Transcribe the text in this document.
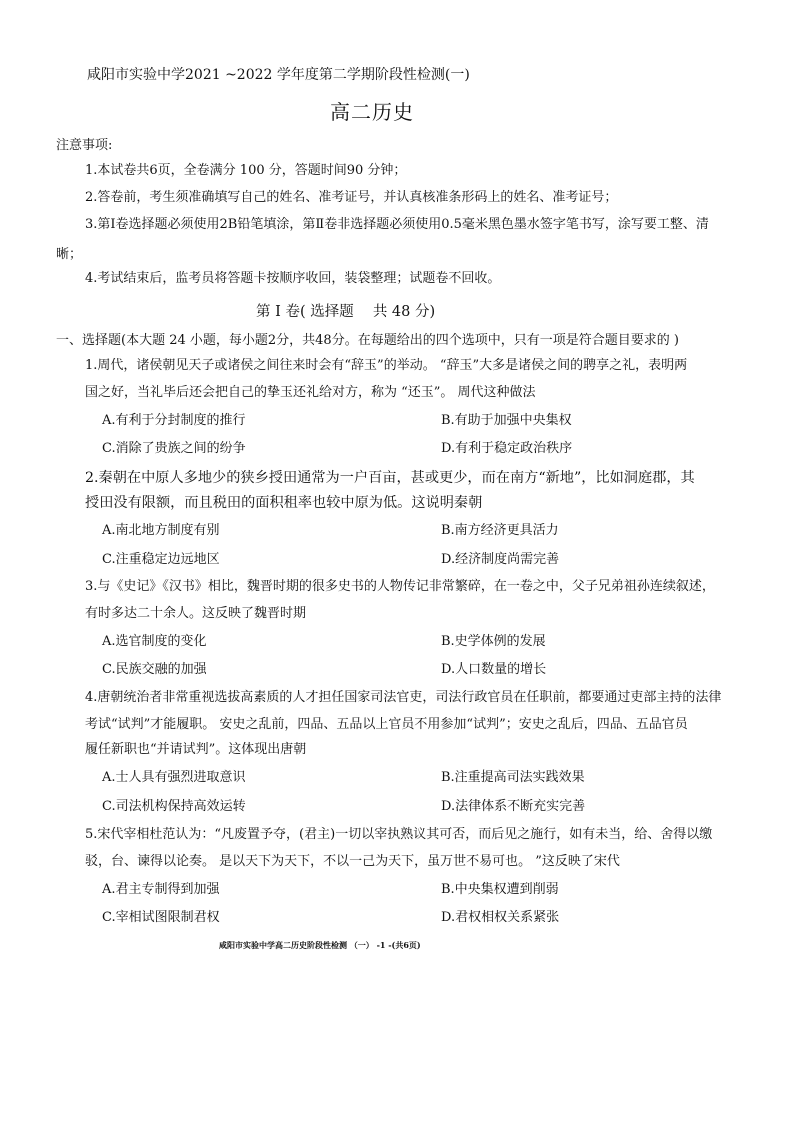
咸阳市实验中学2021 ~2022 学年度第二学期阶段性检测(一)
高二历史
注意事项:
1.本试卷共6页，全卷满分 100 分，答题时间90 分钟；
2.答卷前，考生须准确填写自己的姓名、准考证号，并认真核准条形码上的姓名、准考证号；
3.第Ⅰ卷选择题必须使用2B铅笔填涂，第Ⅱ卷非选择题必须使用0.5毫米黑色墨水签字笔书写，涂写要工整、清
晰；
4.考试结束后，监考员将答题卡按顺序收回，装袋整理；试题卷不回收。
第 Ⅰ 卷( 选择题　 共 48 分)
一、选择题(本大题 24 小题，每小题2分，共48分。在每题给出的四个选项中，只有一项是符合题目要求的 )
1.周代，诸侯朝见天子或诸侯之间往来时会有“辞玉”的举动。 “辞玉”大多是诸侯之间的聘享之礼，表明两
国之好，当礼毕后还会把自己的挚玉还礼给对方，称为 “还玉”。 周代这种做法
A.有利于分封制度的推行	B.有助于加强中央集权
C.消除了贵族之间的纷争	D.有利于稳定政治秩序
2.秦朝在中原人多地少的狭乡授田通常为一户百亩，甚或更少，而在南方“新地”，比如洞庭郡，其
授田没有限额，而且税田的面积租率也较中原为低。这说明秦朝
A.南北地方制度有别	B.南方经济更具活力
C.注重稳定边远地区	D.经济制度尚需完善
3.与《史记》《汉书》相比，魏晋时期的很多史书的人物传记非常繁碎，在一卷之中，父子兄弟祖孙连续叙述，
有时多达二十余人。这反映了魏晋时期
A.选官制度的变化	B.史学体例的发展
C.民族交融的加强	D.人口数量的增长
4.唐朝统治者非常重视选拔高素质的人才担任国家司法官吏，司法行政官员在任职前，都要通过吏部主持的法律
考试“试判”才能履职。 安史之乱前，四品、五品以上官员不用参加“试判”；安史之乱后，四品、五品官员
履任新职也“并请试判”。这体现出唐朝
A.士人具有强烈进取意识	B.注重提高司法实践效果
C.司法机构保持高效运转	D.法律体系不断充实完善
5.宋代宰相杜范认为：“凡废置予夺，(君主)一切以宰执熟议其可否，而后见之施行，如有未当，给、舍得以缴
驳，台、谏得以论奏。 是以天下为天下，不以一己为天下，虽万世不易可也。 ”这反映了宋代
A.君主专制得到加强	B.中央集权遭到削弱
C.宰相试图限制君权	D.君权相权关系紧张
咸阳市实验中学高二历史阶段性检测 （一） -1 -(共6页)
